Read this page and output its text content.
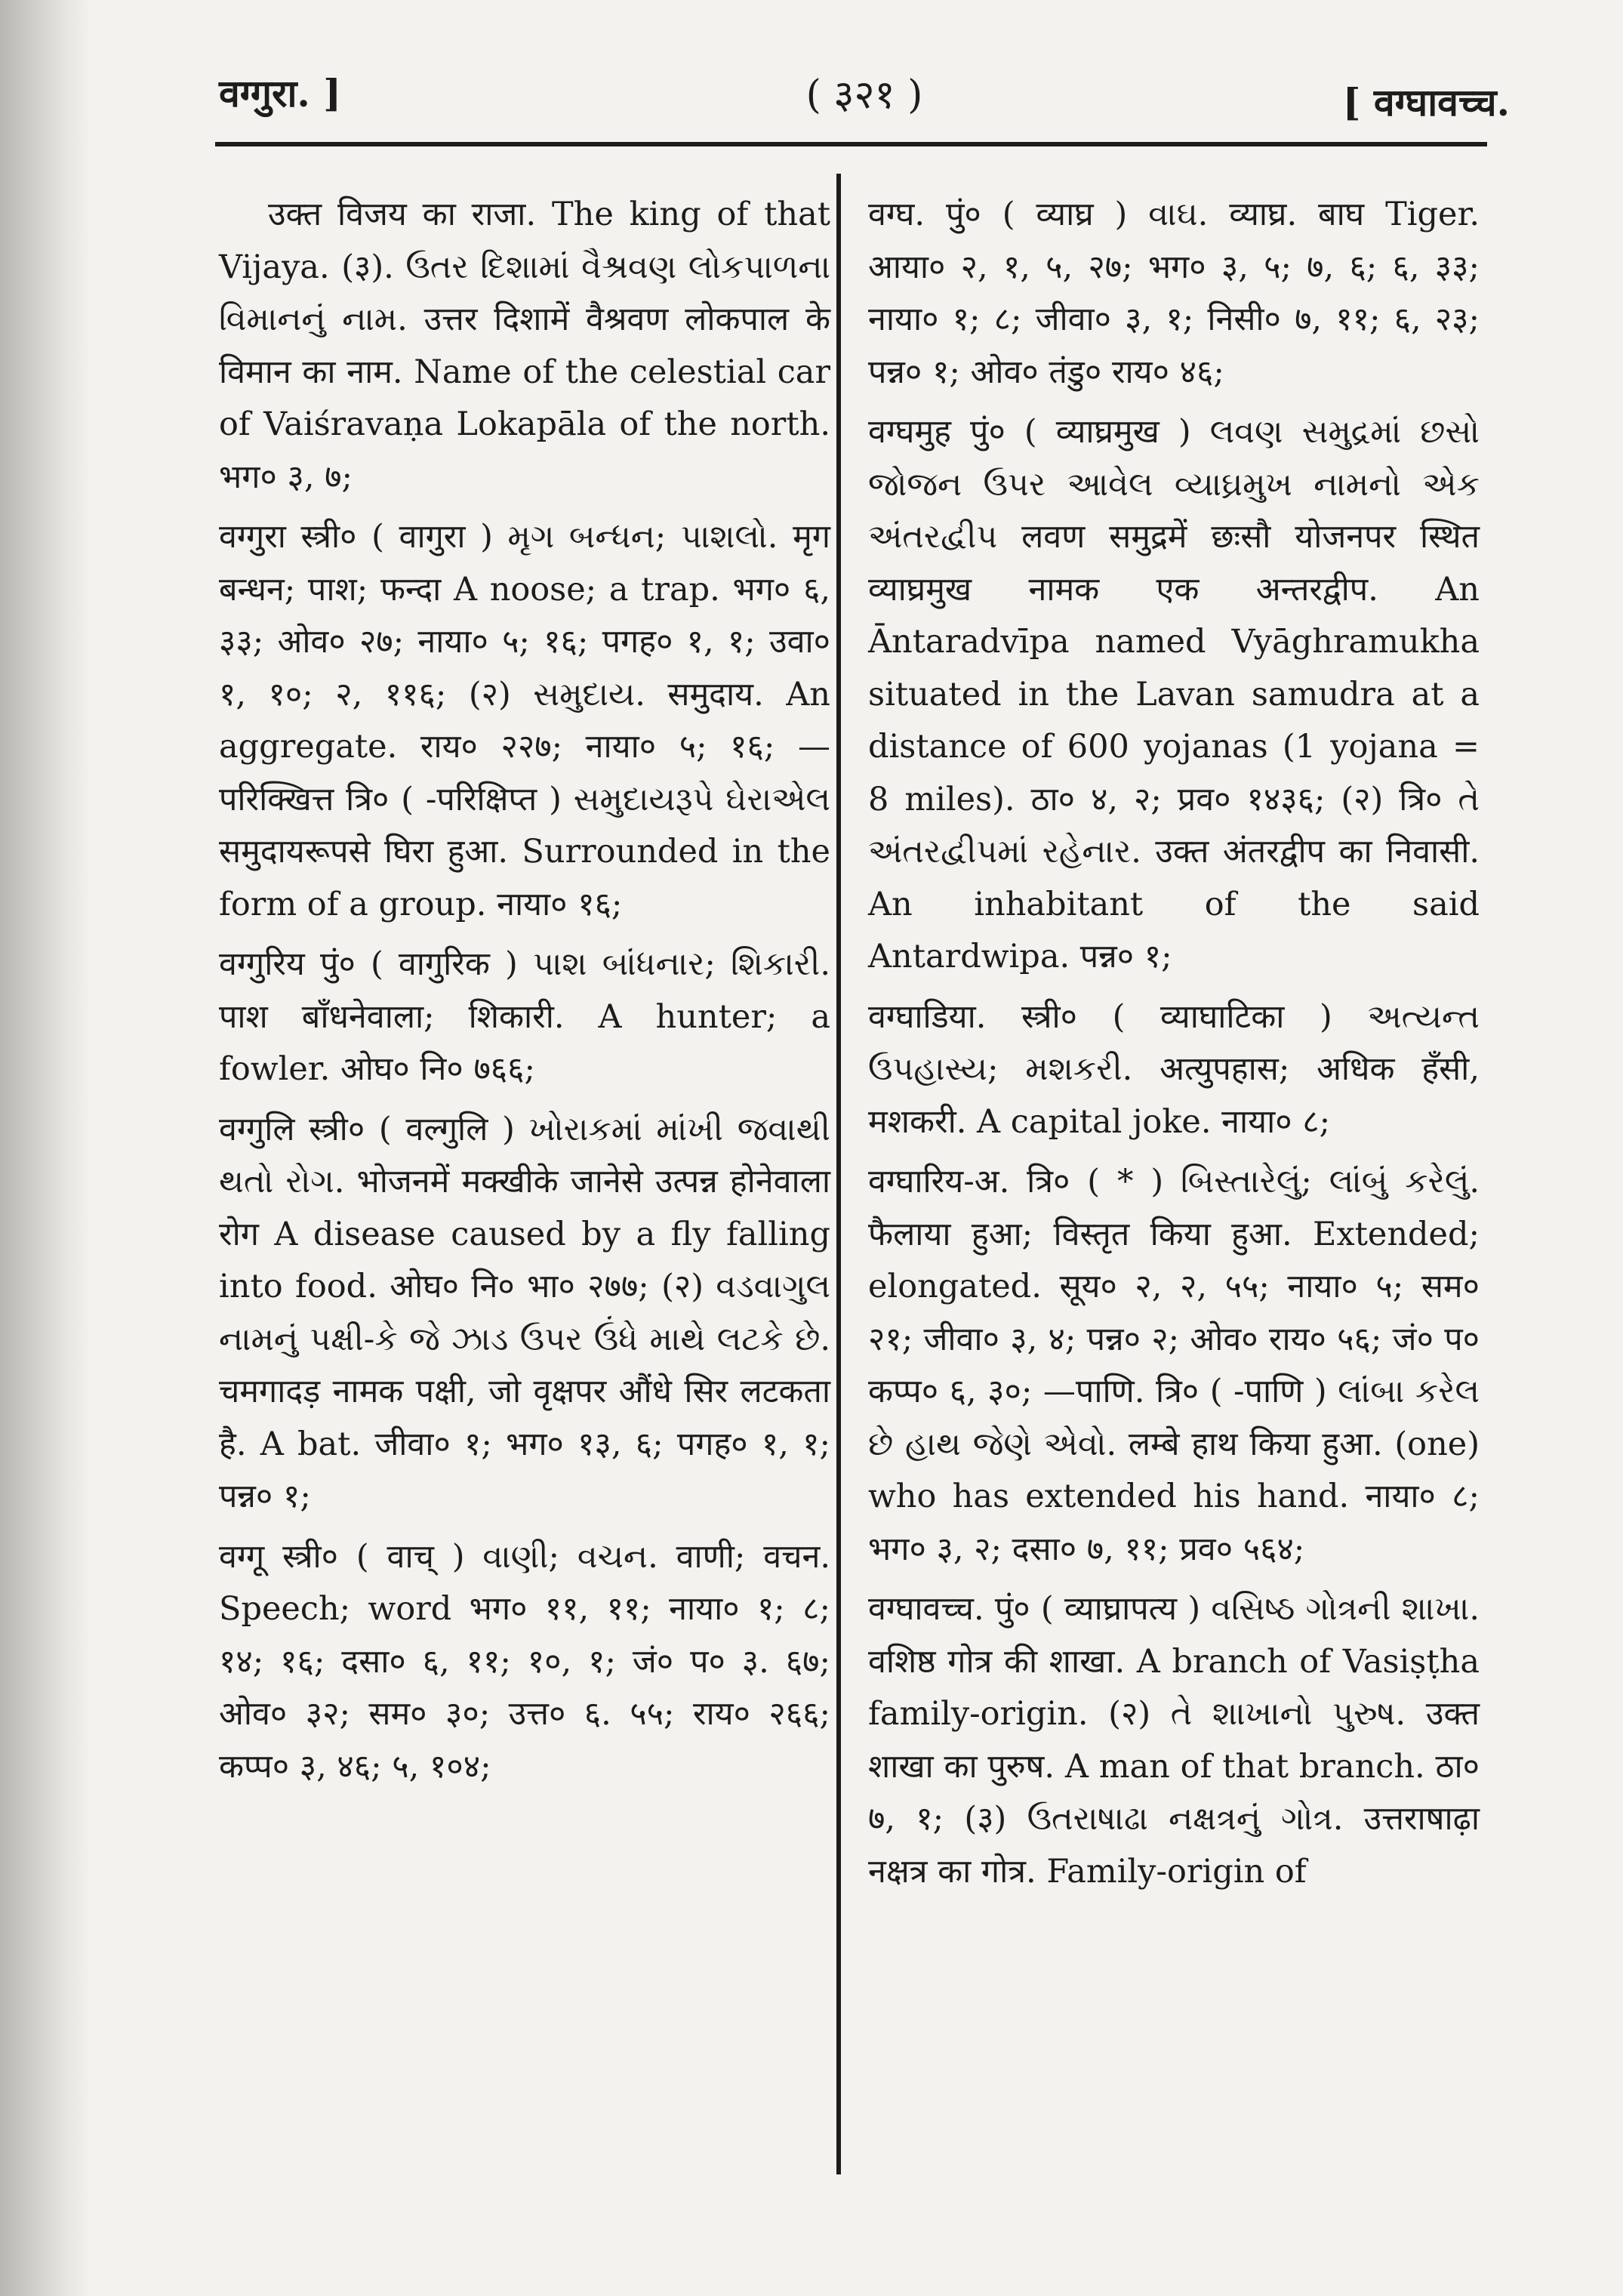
वग्गुरा. ]	( ३२१ )	[ वग्घावच्च.

उक्त विजय का राजा. The king of that Vijaya. (३). ઉતર દિશામાં વૈશ્રવણ લોકપાળના વિમાનનું નામ. उत्तर दिशामें वैश्रवण लोकपाल के विमान का नाम. Name of the celestial car of Vaiśravaṇa Lokapāla of the north. भग० ३, ७;

वग्गुरा स्त्री० ( वागुरा ) મૃગ બન્ધન; પાશલો. मृग बन्धन; पाश; फन्दा A noose; a trap. भग० ६, ३३; ओव० २७; नाया० ५; १६; पगह० १, १; उवा० १, १०; २, ११६; (२) સમુદાય. समुदाय. An aggregate. राय० २२७; नाया० ५; १६; —परिक्खित्त त्रि० ( -परिक्षिप्त ) સમુદાયરૂપે ઘેરાએલ समुदायरूपसे घिरा हुआ. Surrounded in the form of a group. नाया० १६;

वग्गुरिय पुं० ( वागुरिक ) પાશ બાંધનાર; શિકારી. पाश बाँधनेवाला; शिकारी. A hunter; a fowler. ओघ० नि० ७६६;

वग्गुलि स्त्री० ( वल्गुलि ) ખોરાકમાં માંખી જવાથી થતો રોગ. भोजनमें मक्खीके जानेसे उत्पन्न होनेवाला रोग A disease caused by a fly falling into food. ओघ० नि० भा० २७७; (२) વડવાગુલ નામનું પક્ષી-કે જે ઝાડ ઉપર ઉંધે માથે લટકે છે. चमगादड़ नामक पक्षी, जो वृक्षपर औंधे सिर लटकता है. A bat. जीवा० १; भग० १३, ६; पगह० १, १; पन्न० १;

वग्गू स्त्री० ( वाच् ) વાણી; વચન. वाणी; वचन. Speech; word भग० ११, ११; नाया० १; ८; १४; १६; दसा० ६, ११; १०, १; जं० प० ३. ६७; ओव० ३२; सम० ३०; उत्त० ६. ५५; राय० २६६; कप्प० ३, ४६; ५, १०४;

वग्घ. पुं० ( व्याघ्र ) વાઘ. व्याघ्र. बाघ Tiger. आया० २, १, ५, २७; भग० ३, ५; ७, ६; ६, ३३; नाया० १; ८; जीवा० ३, १; निसी० ७, ११; ६, २३; पन्न० १; ओव० तंडु० राय० ४६;

वग्घमुह पुं० ( व्याघ्रमुख ) લવણ સમુદ્રમાં છસો જોજન ઉપર આવેલ વ્યાઘ્રમુખ નામનો એક અંતરદ્વીપ लवण समुद्रमें छःसौ योजनपर स्थित व्याघ्रमुख नामक एक अन्तरद्वीप. An Āntaradvīpa named Vyāghramukha situated in the Lavan samudra at a distance of 600 yojanas (1 yojana = 8 miles). ठा० ४, २; प्रव० १४३६; (२) त्रि० તે અંતરદ્વીપમાં રહેનાર. उक्त अंतरद्वीप का निवासी. An inhabitant of the said Antardwipa. पन्न० १;

वग्घाडिया. स्त्री० ( व्याघाटिका ) અત્યન્ત ઉપહાસ્ય; મશકરી. अत्युपहास; अधिक हँसी, मशकरी. A capital joke. नाया० ८;

वग्घारिय-अ. त्रि० ( * ) બિસ્તારેલું; લાંબું કરેલું. फैलाया हुआ; विस्तृत किया हुआ. Extended; elongated. सूय० २, २, ५५; नाया० ५; सम० २१; जीवा० ३, ४; पन्न० २; ओव० राय० ५६; जं० प० कप्प० ६, ३०; —पाणि. त्रि० ( -पाणि ) લાંબા કરેલ છે હાથ જેણે એવો. लम्बे हाथ किया हुआ. (one) who has extended his hand. नाया० ८; भग० ३, २; दसा० ७, ११; प्रव० ५६४;

वग्घावच्च. पुं० ( व्याघ्रापत्य ) વસિષ્ઠ ગોત્રની શાખા. वशिष्ठ गोत्र की शाखा. A branch of Vasiṣṭha family-origin. (२) તે શાખાનો પુરુષ. उक्त शाखा का पुरुष. A man of that branch. ठा० ७, १; (३) ઉતરાષાઢા નક્ષત્રનું ગોત્ર. उत्तराषाढ़ा नक्षत्र का गोत्र. Family-origin of
